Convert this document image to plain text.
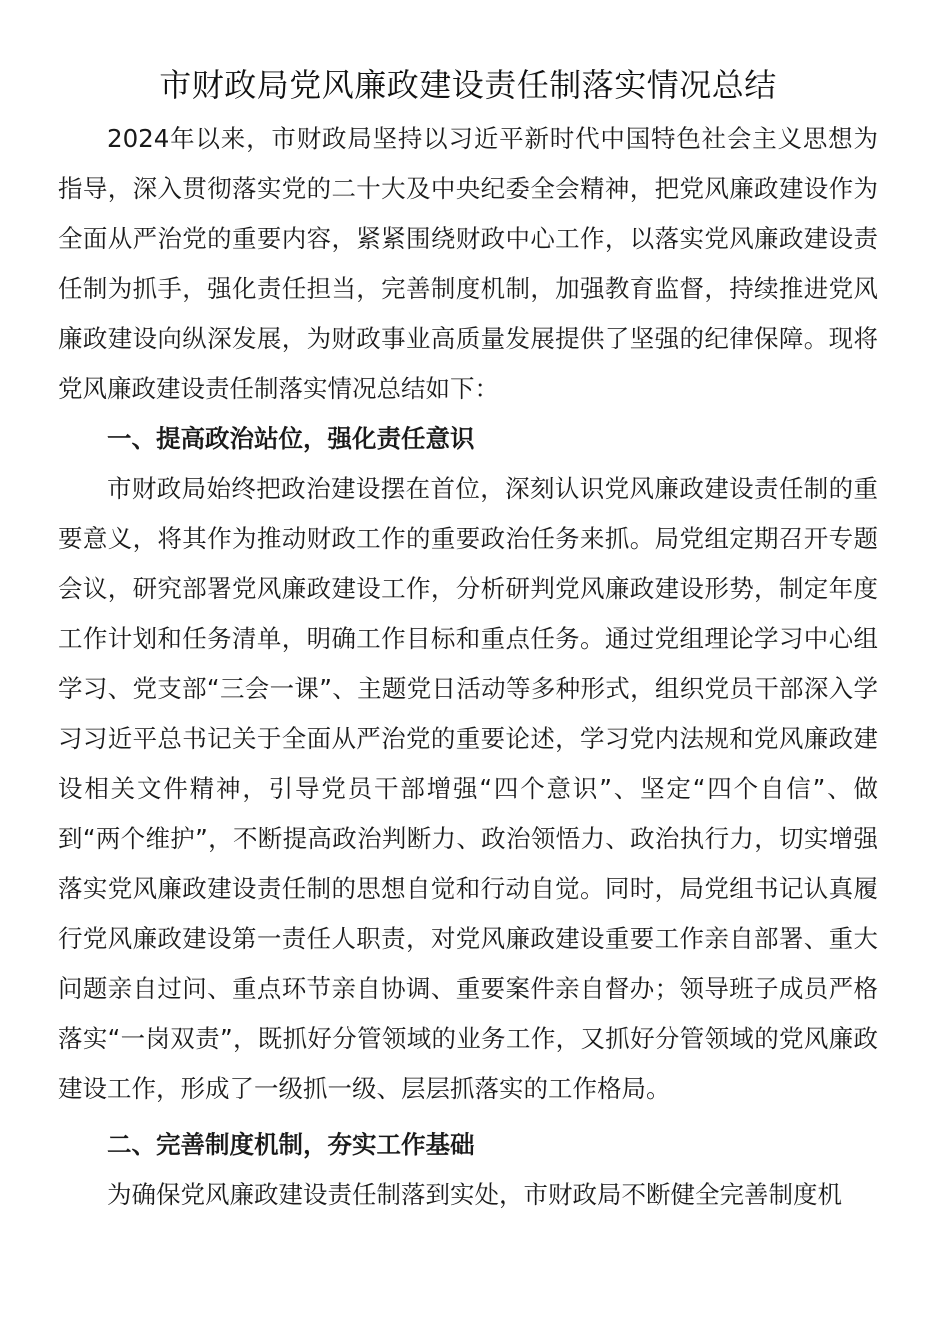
市财政局党风廉政建设责任制落实情况总结

2024年以来，市财政局坚持以习近平新时代中国特色社会主义思想为指导，深入贯彻落实党的二十大及中央纪委全会精神，把党风廉政建设作为全面从严治党的重要内容，紧紧围绕财政中心工作，以落实党风廉政建设责任制为抓手，强化责任担当，完善制度机制，加强教育监督，持续推进党风廉政建设向纵深发展，为财政事业高质量发展提供了坚强的纪律保障。现将党风廉政建设责任制落实情况总结如下：

一、提高政治站位，强化责任意识

市财政局始终把政治建设摆在首位，深刻认识党风廉政建设责任制的重要意义，将其作为推动财政工作的重要政治任务来抓。局党组定期召开专题会议，研究部署党风廉政建设工作，分析研判党风廉政建设形势，制定年度工作计划和任务清单，明确工作目标和重点任务。通过党组理论学习中心组学习、党支部“三会一课”、主题党日活动等多种形式，组织党员干部深入学习习近平总书记关于全面从严治党的重要论述，学习党内法规和党风廉政建设相关文件精神，引导党员干部增强“四个意识”、坚定“四个自信”、做到“两个维护”，不断提高政治判断力、政治领悟力、政治执行力，切实增强落实党风廉政建设责任制的思想自觉和行动自觉。同时，局党组书记认真履行党风廉政建设第一责任人职责，对党风廉政建设重要工作亲自部署、重大问题亲自过问、重点环节亲自协调、重要案件亲自督办；领导班子成员严格落实“一岗双责”，既抓好分管领域的业务工作，又抓好分管领域的党风廉政建设工作，形成了一级抓一级、层层抓落实的工作格局。

二、完善制度机制，夯实工作基础

为确保党风廉政建设责任制落到实处，市财政局不断健全完善制度机
